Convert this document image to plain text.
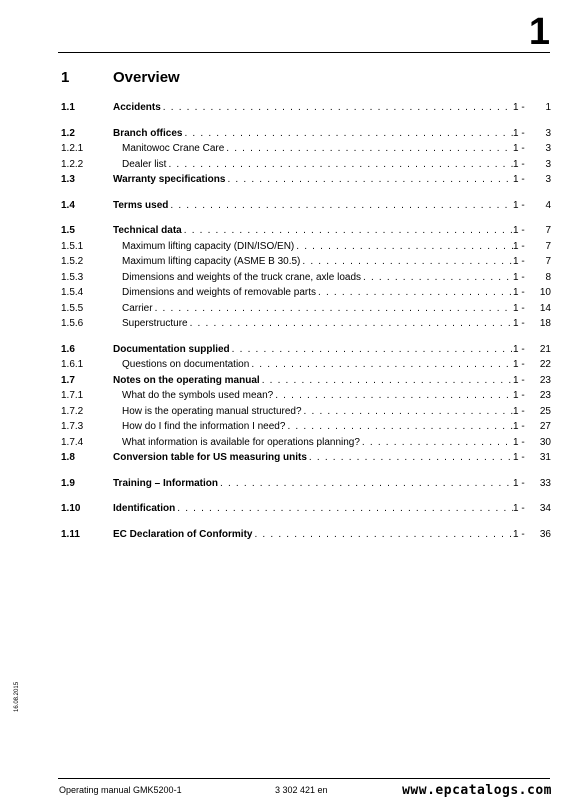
1
1	Overview
1.1	Accidents . . .	1 - 1
1.2	Branch offices . . .	1 - 3
1.2.1	Manitowoc Crane Care . . .	1 - 3
1.2.2	Dealer list . . .	1 - 3
1.3	Warranty specifications . . .	1 - 3
1.4	Terms used . . .	1 - 4
1.5	Technical data . . .	1 - 7
1.5.1	Maximum lifting capacity (DIN/ISO/EN) . . .	1 - 7
1.5.2	Maximum lifting capacity (ASME B 30.5) . . .	1 - 7
1.5.3	Dimensions and weights of the truck crane, axle loads . . .	1 - 8
1.5.4	Dimensions and weights of removable parts . . .	1 - 10
1.5.5	Carrier . . .	1 - 14
1.5.6	Superstructure . . .	1 - 18
1.6	Documentation supplied . . .	1 - 21
1.6.1	Questions on documentation . . .	1 - 22
1.7	Notes on the operating manual . . .	1 - 23
1.7.1	What do the symbols used mean? . . .	1 - 23
1.7.2	How is the operating manual structured? . . .	1 - 25
1.7.3	How do I find the information I need? . . .	1 - 27
1.7.4	What information is available for operations planning? . . .	1 - 30
1.8	Conversion table for US measuring units . . .	1 - 31
1.9	Training – Information . . .	1 - 33
1.10	Identification . . .	1 - 34
1.11	EC Declaration of Conformity . . .	1 - 36
16.08.2015
Operating manual GMK5200-1	3 302 421 en	www.epcatalogs.com
